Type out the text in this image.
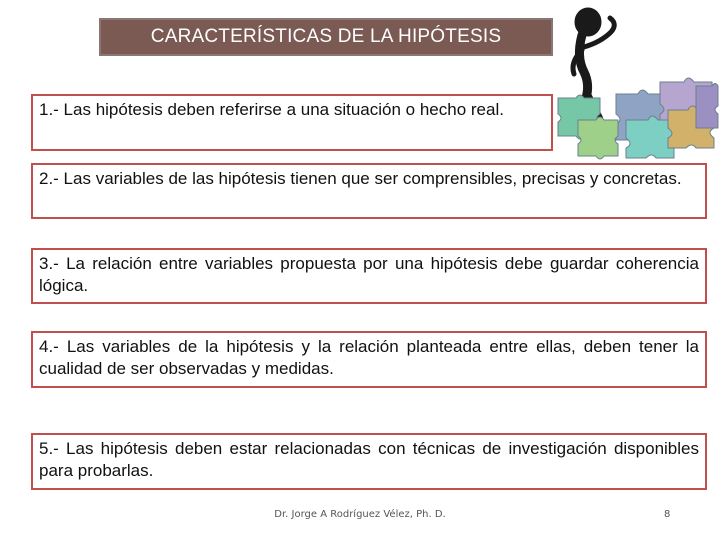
CARACTERÍSTICAS DE LA HIPÓTESIS
1.- Las hipótesis deben referirse a una situación o hecho real.
2.- Las variables de las hipótesis tienen que ser comprensibles, precisas y concretas.
3.- La relación entre variables propuesta por una hipótesis debe guardar coherencia lógica.
4.- Las variables de la hipótesis y la relación planteada entre ellas, deben tener la cualidad de ser observadas y medidas.
5.- Las hipótesis deben estar relacionadas con técnicas de investigación disponibles para probarlas.
Dr. Jorge A Rodríguez Vélez, Ph. D.	8
